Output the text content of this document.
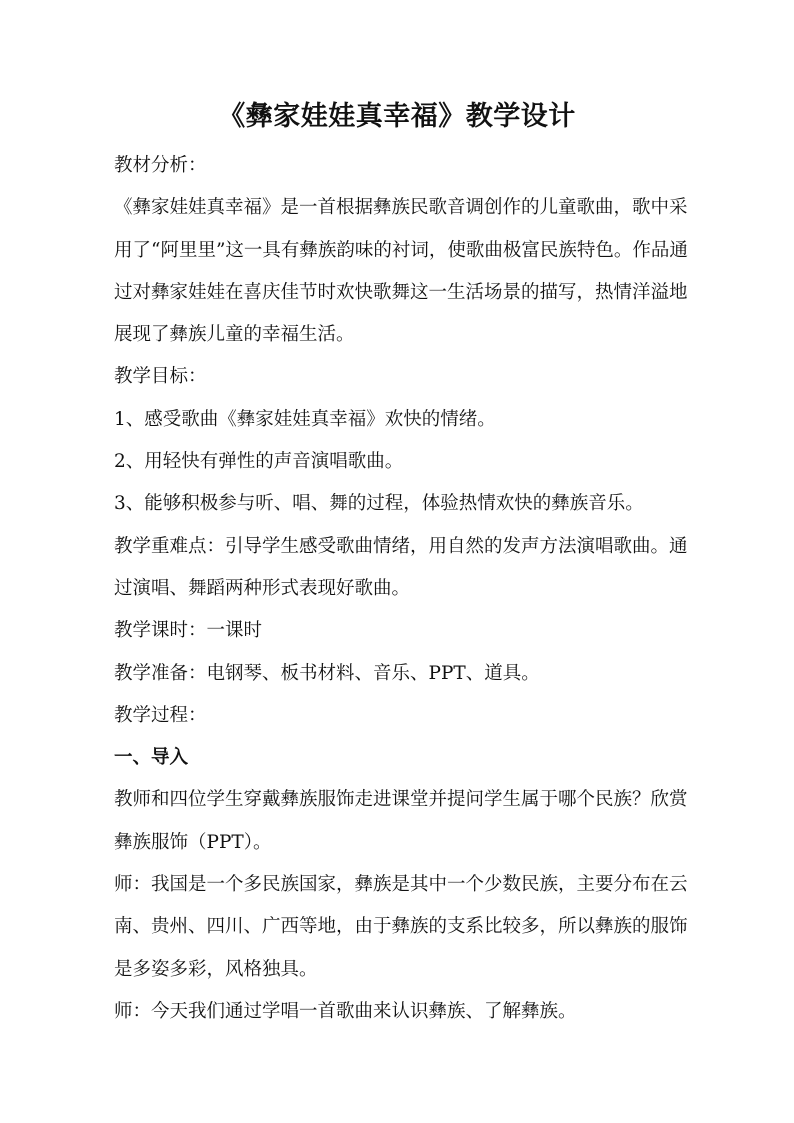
《彝家娃娃真幸福》教学设计

教材分析：

《彝家娃娃真幸福》是一首根据彝族民歌音调创作的儿童歌曲，歌中采用了“阿里里”这一具有彝族韵味的衬词，使歌曲极富民族特色。作品通过对彝家娃娃在喜庆佳节时欢快歌舞这一生活场景的描写，热情洋溢地展现了彝族儿童的幸福生活。

教学目标：

1、感受歌曲《彝家娃娃真幸福》欢快的情绪。

2、用轻快有弹性的声音演唱歌曲。

3、能够积极参与听、唱、舞的过程，体验热情欢快的彝族音乐。

教学重难点：引导学生感受歌曲情绪，用自然的发声方法演唱歌曲。通过演唱、舞蹈两种形式表现好歌曲。

教学课时：一课时

教学准备：电钢琴、板书材料、音乐、PPT、道具。

教学过程：

一、导入

教师和四位学生穿戴彝族服饰走进课堂并提问学生属于哪个民族？欣赏彝族服饰（PPT）。

师：我国是一个多民族国家，彝族是其中一个少数民族，主要分布在云南、贵州、四川、广西等地，由于彝族的支系比较多，所以彝族的服饰是多姿多彩，风格独具。

师：今天我们通过学唱一首歌曲来认识彝族、了解彝族。
